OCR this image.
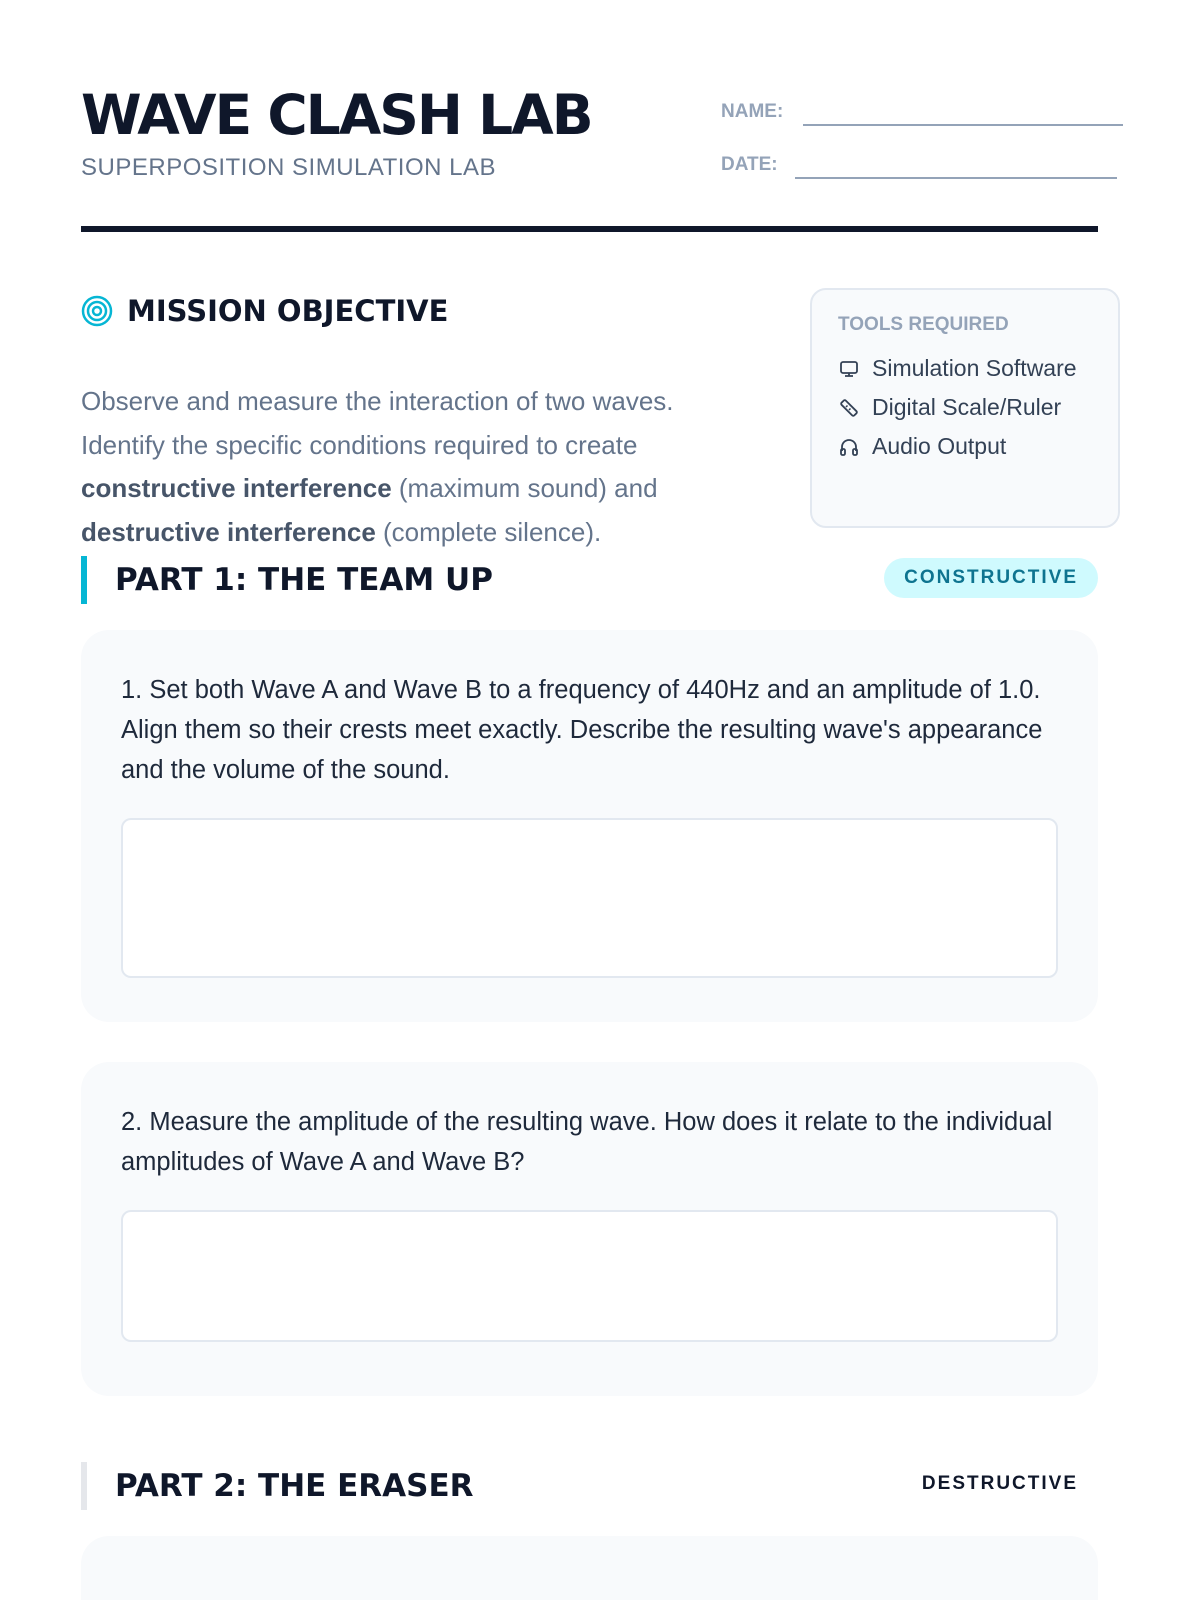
WAVE CLASH LAB
SUPERPOSITION SIMULATION LAB
NAME:
DATE:
MISSION OBJECTIVE

Observe and measure the interaction of two waves. Identify the specific conditions required to create constructive interference (maximum sound) and destructive interference (complete silence).

TOOLS REQUIRED
Simulation Software
Digital Scale/Ruler
Audio Output
PART 1: THE TEAM UP	CONSTRUCTIVE
1. Set both Wave A and Wave B to a frequency of 440Hz and an amplitude of 1.0. Align them so their crests meet exactly. Describe the resulting wave's appearance and the volume of the sound.
2. Measure the amplitude of the resulting wave. How does it relate to the individual amplitudes of Wave A and Wave B?
PART 2: THE ERASER	DESTRUCTIVE
